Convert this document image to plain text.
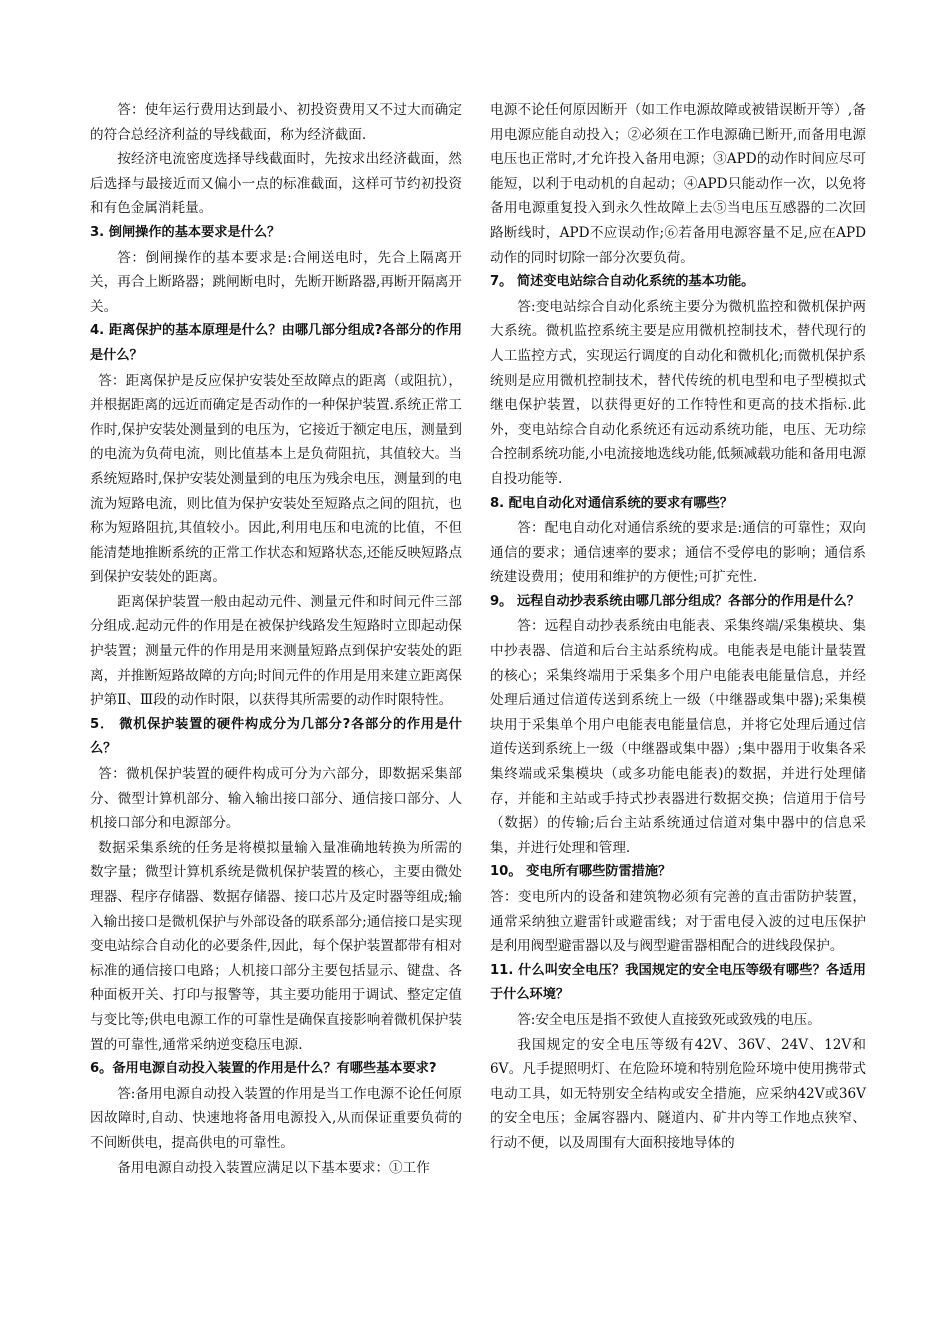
答：使年运行费用达到最小、初投资费用又不过大而确定的符合总经济利益的导线截面，称为经济截面.

按经济电流密度选择导线截面时，先按求出经济截面，然后选择与最接近而又偏小一点的标准截面，这样可节约初投资和有色金属消耗量。

3. 倒闸操作的基本要求是什么？

答：倒闸操作的基本要求是:合闸送电时，先合上隔离开关，再合上断路器；跳闸断电时，先断开断路器,再断开隔离开关。

4. 距离保护的基本原理是什么？由哪几部分组成?各部分的作用是什么？

答：距离保护是反应保护安装处至故障点的距离（或阻抗），并根据距离的远近而确定是否动作的一种保护装置.系统正常工作时,保护安装处测量到的电压为，它接近于额定电压，测量到的电流为负荷电流，则比值基本上是负荷阻抗，其值较大。当系统短路时,保护安装处测量到的电压为残余电压，测量到的电流为短路电流，则比值为保护安装处至短路点之间的阻抗，也称为短路阻抗,其值较小。因此,利用电压和电流的比值，不但能清楚地推断系统的正常工作状态和短路状态,还能反映短路点到保护安装处的距离。

距离保护装置一般由起动元件、测量元件和时间元件三部分组成.起动元件的作用是在被保护线路发生短路时立即起动保护装置；测量元件的作用是用来测量短路点到保护安装处的距离，并推断短路故障的方向;时间元件的作用是用来建立距离保护第Ⅱ、Ⅲ段的动作时限，以获得其所需要的动作时限特性。

5． 微机保护装置的硬件构成分为几部分?各部分的作用是什么？

答：微机保护装置的硬件构成可分为六部分，即数据采集部分、微型计算机部分、输入输出接口部分、通信接口部分、人机接口部分和电源部分。

数据采集系统的任务是将模拟量输入量准确地转换为所需的数字量；微型计算机系统是微机保护装置的核心，主要由微处理器、程序存储器、数据存储器、接口芯片及定时器等组成;输入输出接口是微机保护与外部设备的联系部分;通信接口是实现变电站综合自动化的必要条件,因此，每个保护装置都带有相对标准的通信接口电路；人机接口部分主要包括显示、键盘、各种面板开关、打印与报警等，其主要功能用于调试、整定定值与变比等;供电电源工作的可靠性是确保直接影响着微机保护装置的可靠性,通常采纳逆变稳压电源.

6。备用电源自动投入装置的作用是什么？有哪些基本要求?

答:备用电源自动投入装置的作用是当工作电源不论任何原因故障时,自动、快速地将备用电源投入,从而保证重要负荷的不间断供电，提高供电的可靠性。

备用电源自动投入装置应满足以下基本要求：①工作

电源不论任何原因断开（如工作电源故障或被错误断开等）,备用电源应能自动投入；②必须在工作电源确已断开,而备用电源电压也正常时,才允许投入备用电源；③APD的动作时间应尽可能短，以利于电动机的自起动；④APD只能动作一次，以免将备用电源重复投入到永久性故障上去⑤当电压互感器的二次回路断线时，APD不应误动作;⑥若备用电源容量不足,应在APD动作的同时切除一部分次要负荷。

7。 简述变电站综合自动化系统的基本功能。

答:变电站综合自动化系统主要分为微机监控和微机保护两大系统。微机监控系统主要是应用微机控制技术，替代现行的人工监控方式，实现运行调度的自动化和微机化;而微机保护系统则是应用微机控制技术，替代传统的机电型和电子型模拟式继电保护装置，以获得更好的工作特性和更高的技术指标.此外，变电站综合自动化系统还有远动系统功能，电压、无功综合控制系统功能,小电流接地选线功能,低频减载功能和备用电源自投功能等.

8. 配电自动化对通信系统的要求有哪些？

答：配电自动化对通信系统的要求是:通信的可靠性；双向通信的要求；通信速率的要求；通信不受停电的影响；通信系统建设费用；使用和维护的方便性;可扩充性.

9。 远程自动抄表系统由哪几部分组成？各部分的作用是什么？

答：远程自动抄表系统由电能表、采集终端/采集模块、集中抄表器、信道和后台主站系统构成。电能表是电能计量装置的核心；采集终端用于采集多个用户电能表电能量信息，并经处理后通过信道传送到系统上一级（中继器或集中器);采集模块用于采集单个用户电能表电能量信息，并将它处理后通过信道传送到系统上一级（中继器或集中器）;集中器用于收集各采集终端或采集模块（或多功能电能表)的数据，并进行处理储存，并能和主站或手持式抄表器进行数据交换；信道用于信号（数据）的传输;后台主站系统通过信道对集中器中的信息采集，并进行处理和管理.

10。 变电所有哪些防雷措施？

答：变电所内的设备和建筑物必须有完善的直击雷防护装置，通常采纳独立避雷针或避雷线；对于雷电侵入波的过电压保护是利用阀型避雷器以及与阀型避雷器相配合的进线段保护。

11. 什么叫安全电压？我国规定的安全电压等级有哪些？各适用于什么环境？

答:安全电压是指不致使人直接致死或致残的电压。

我国规定的安全电压等级有42V、36V、24V、12V和6V。凡手提照明灯、在危险环境和特别危险环境中使用携带式电动工具，如无特别安全结构或安全措施，应采纳42V或36V的安全电压；金属容器内、隧道内、矿井内等工作地点狭窄、行动不便，以及周围有大面积接地导体的
